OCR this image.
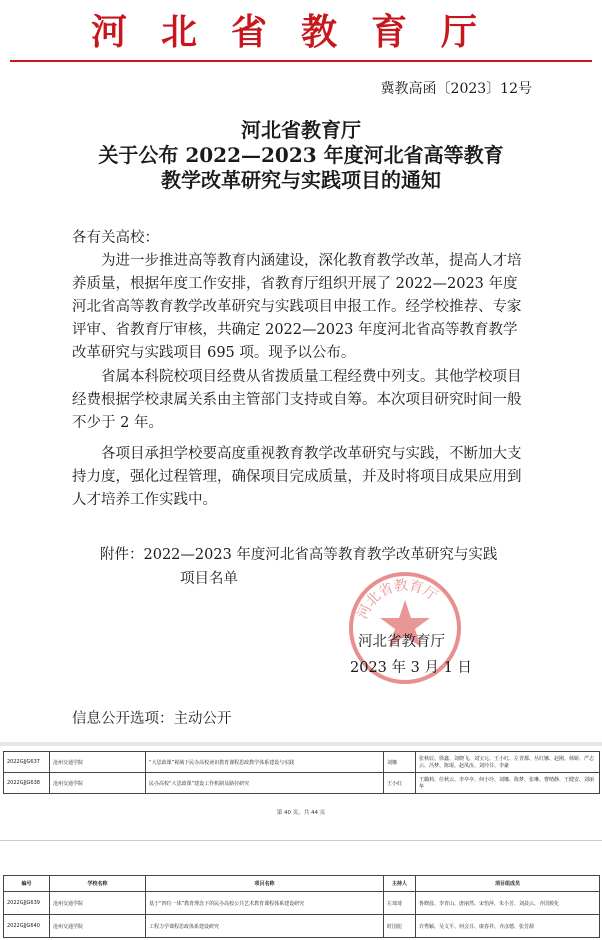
河北省教育厅
冀教高函〔2023〕12号
河北省教育厅
关于公布 2022—2023 年度河北省高等教育
教学改革研究与实践项目的通知
各有关高校：

为进一步推进高等教育内涵建设，深化教育教学改革，提高人才培养质量，根据年度工作安排，省教育厅组织开展了 2022—2023 年度河北省高等教育教学改革研究与实践项目申报工作。经学校推荐、专家评审、省教育厅审核，共确定 2022—2023 年度河北省高等教育教学改革研究与实践项目 695 项。现予以公布。

省属本科院校项目经费从省拨质量工程经费中列支。其他学校项目经费根据学校隶属关系由主管部门支持或自筹。本次项目研究时间一般不少于 2 年。

各项目承担学校要高度重视教育教学改革研究与实践，不断加大支持力度，强化过程管理，确保项目完成质量，并及时将项目成果应用到人才培养工作实践中。

附件：2022—2023 年度河北省高等教育教学改革研究与实践
项目名单
河北省教育厅
河北省教育厅
2023 年 3 月 1 日
信息公开选项：主动公开
2022GJJG637	沧州交通学院	“大思政课”视域下民办高校读识教育课程思政教学体系建设与实践	刘娜	张秋辰、徐鑫、刘晓飞、刘宝元、王小红、左青都、丛红娜、赵刚、韩娇、严志云、冯梦、陈琨、赵凤汝、刘玲芬、李豪
2022GJJG638	沧州交通学院	民办高校“大思政课”建设工作机制及路径研究	王小红	王璐莉、任秋云、李亭亭、何小玲、刘娜、陈梦、张琳、曹晴静、王健安、刘丽华
第 40 页，共 44 页
编号	学校名称	项目名称	主持人	项目组成员
2022GJJG639	沧州交通学院	基于“四位一体”教育理念下的民办高校公共艺术教育课程体系建设研究	左琦琦	鲁晓晨、李青山、唐丽然、宋怡萍、朱小芳、刘晨云、齐国骏化
2022GJJG640	沧州交通学院	工程力学课程思政体系建设研究	时国彪	许秀颖、吴文平、何会芬、康春祥、齐彦德、张芳源
